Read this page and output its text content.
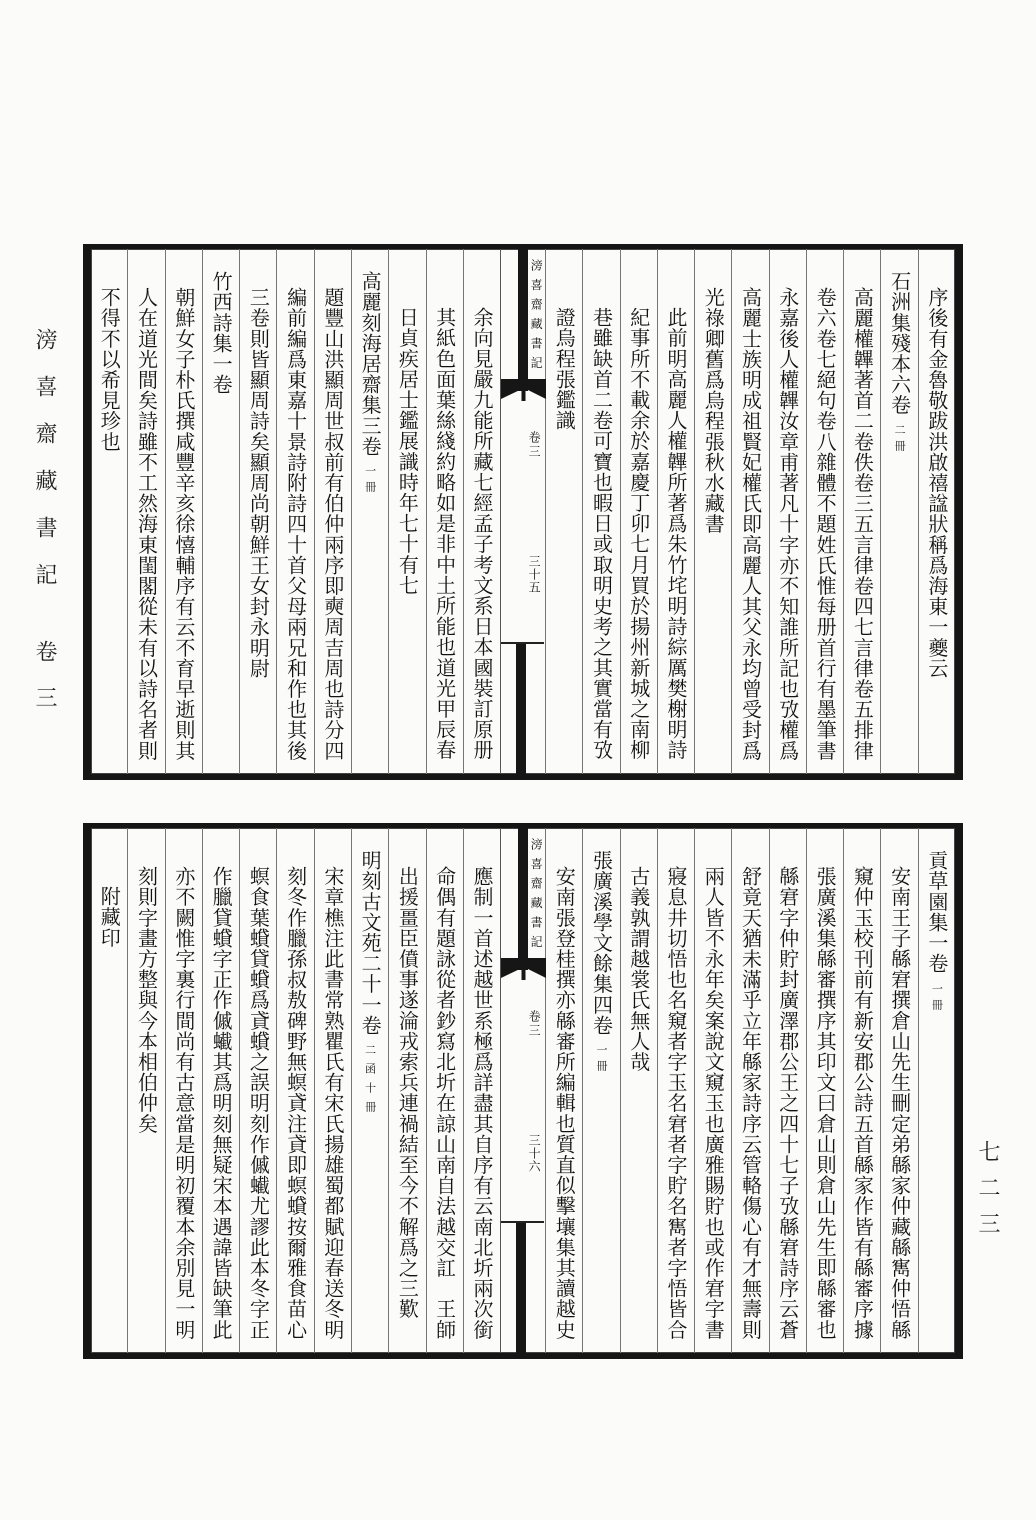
滂喜齋藏書記
卷三
七二三
序後有金魯敬跋洪啟禧諡狀稱爲海東一夔云
石洲集殘本六卷
二冊
高麗權韠著首二卷佚卷三五言律卷四七言律卷五排律
卷六卷七絕句卷八雜體不題姓氏惟每册首行有墨筆書
永嘉後人權韠汝章甫著凡十字亦不知誰所記也攷權爲
高麗士族明成祖賢妃權氏即高麗人其父永均曾受封爲
光祿卿舊爲烏程張秋水藏書
此前明高麗人權韠所著爲朱竹垞明詩綜厲樊榭明詩
紀事所不載余於嘉慶丁卯七月買於揚州新城之南柳
巷雖缺首二卷可寶也暇日或取明史考之其實當有攷
證烏程張鑑識
滂喜齋藏書記
卷三
三十五
余向見嚴九能所藏七經孟子考文系日本國裝訂原册
其紙色面葉絲綫約略如是非中土所能也道光甲辰春
日貞疾居士鑑展識時年七十有七
高麗刻海居齋集三卷
一冊
題豐山洪顯周世叔前有伯仲兩序即奭周吉周也詩分四
編前編爲東嘉十景詩附詩四十首父母兩兄和作也其後
三卷則皆顯周詩矣顯周尚朝鮮王女封永明尉
竹西詩集一卷
朝鮮女子朴氏撰咸豐辛亥徐憘輔序有云不育早逝則其
人在道光間矣詩雖不工然海東閨閣從未有以詩名者則
不得不以希見珍也
貢草園集一卷
一冊
安南王子緜宭撰倉山先生刪定弟緜家仲藏緜寯仲悟緜
窺仲玉校刊前有新安郡公詩五首緜家作皆有緜審序據
張廣溪集緜審撰序其印文曰倉山則倉山先生即緜審也
緜宭字仲貯封廣澤郡公王之四十七子攷緜宭詩序云蒼
舒竟天猶未滿乎立年緜家詩序云管輅傷心有才無壽則
兩人皆不永年矣案說文窺玉也廣雅賜貯也或作宭字書
寢息井切悟也名窺者字玉名宭者字貯名寯者字悟皆合
古義孰謂越裳氏無人哉
張廣溪學文餘集四卷
一冊
安南張登桂撰亦緜審所編輯也質直似擊壤集其讀越史
滂喜齋藏書記
卷三
三十六
應制一首述越世系極爲詳盡其自序有云南北圻兩次銜
命偶有題詠從者鈔寫北圻在諒山南自法越交訌　王師
出援畺臣僨事遂淪戎索兵連禍結至今不解爲之三歎
明刻古文苑二十一卷
二函十冊
宋章樵注此書常熟瞿氏有宋氏揚雄蜀都賦迎春送冬明
刻冬作臘孫叔敖碑野無螟貣注貣即螟蟘按爾雅食苗心
螟食葉蟘貸蟘爲貣蟘之誤明刻作傶蠘尤謬此本冬字正
作臘貸蟘字正作傶蠘其爲明刻無疑宋本遇諱皆缺筆此
亦不闕惟字裏行間尚有古意當是明初覆本余別見一明
刻則字畫方整與今本相伯仲矣
附藏印
